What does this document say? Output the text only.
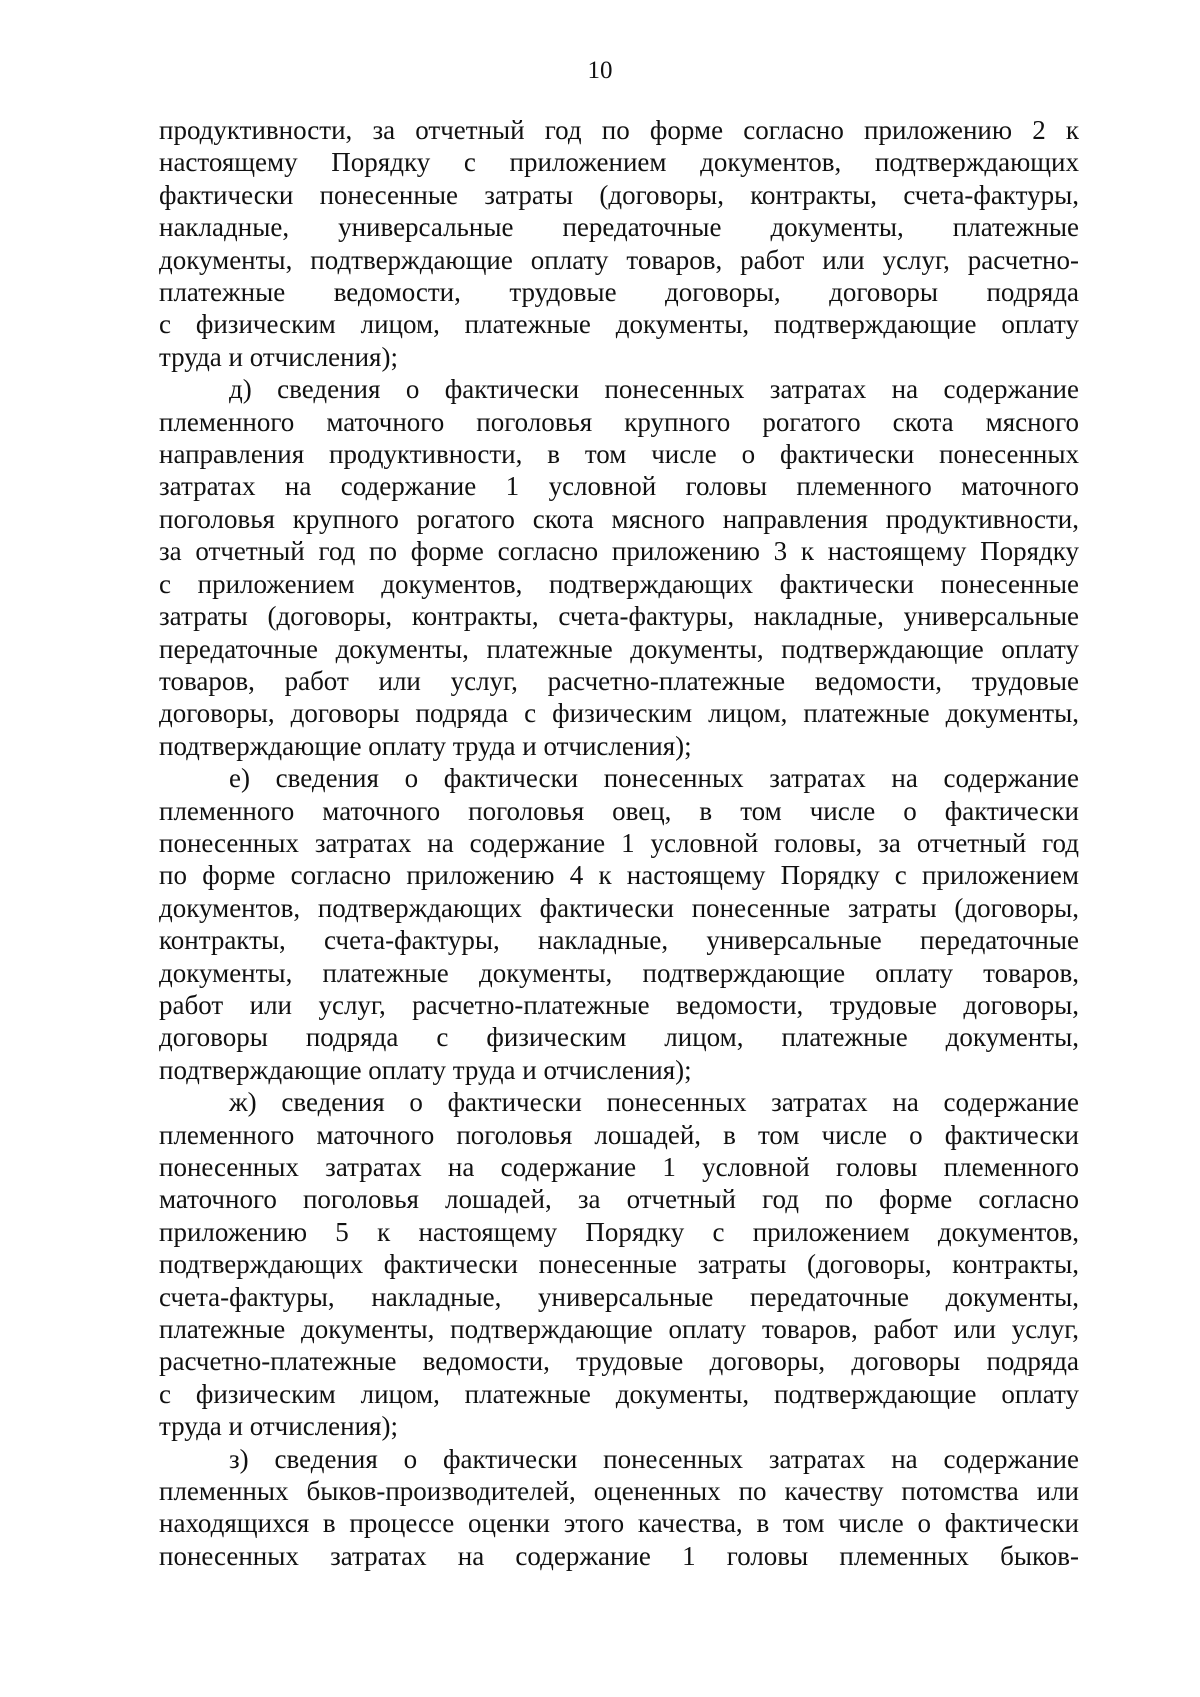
10
продуктивности, за отчетный год по форме согласно приложению 2 к
настоящему Порядку с приложением документов, подтверждающих
фактически понесенные затраты (договоры, контракты, счета-фактуры,
накладные, универсальные передаточные документы, платежные
документы, подтверждающие оплату товаров, работ или услуг, расчетно-
платежные ведомости, трудовые договоры, договоры подряда
с физическим лицом, платежные документы, подтверждающие оплату
труда и отчисления);
д) сведения о фактически понесенных затратах на содержание
племенного маточного поголовья крупного рогатого скота мясного
направления продуктивности, в том числе о фактически понесенных
затратах на содержание 1 условной головы племенного маточного
поголовья крупного рогатого скота мясного направления продуктивности,
за отчетный год по форме согласно приложению 3 к настоящему Порядку
с приложением документов, подтверждающих фактически понесенные
затраты (договоры, контракты, счета-фактуры, накладные, универсальные
передаточные документы, платежные документы, подтверждающие оплату
товаров, работ или услуг, расчетно-платежные ведомости, трудовые
договоры, договоры подряда с физическим лицом, платежные документы,
подтверждающие оплату труда и отчисления);
е) сведения о фактически понесенных затратах на содержание
племенного маточного поголовья овец, в том числе о фактически
понесенных затратах на содержание 1 условной головы, за отчетный год
по форме согласно приложению 4 к настоящему Порядку с приложением
документов, подтверждающих фактически понесенные затраты (договоры,
контракты, счета-фактуры, накладные, универсальные передаточные
документы, платежные документы, подтверждающие оплату товаров,
работ или услуг, расчетно-платежные ведомости, трудовые договоры,
договоры подряда с физическим лицом, платежные документы,
подтверждающие оплату труда и отчисления);
ж) сведения о фактически понесенных затратах на содержание
племенного маточного поголовья лошадей, в том числе о фактически
понесенных затратах на содержание 1 условной головы племенного
маточного поголовья лошадей, за отчетный год по форме согласно
приложению 5 к настоящему Порядку с приложением документов,
подтверждающих фактически понесенные затраты (договоры, контракты,
счета-фактуры, накладные, универсальные передаточные документы,
платежные документы, подтверждающие оплату товаров, работ или услуг,
расчетно-платежные ведомости, трудовые договоры, договоры подряда
с физическим лицом, платежные документы, подтверждающие оплату
труда и отчисления);
з) сведения о фактически понесенных затратах на содержание
племенных быков-производителей, оцененных по качеству потомства или
находящихся в процессе оценки этого качества, в том числе о фактически
понесенных затратах на содержание 1 головы племенных быков-
